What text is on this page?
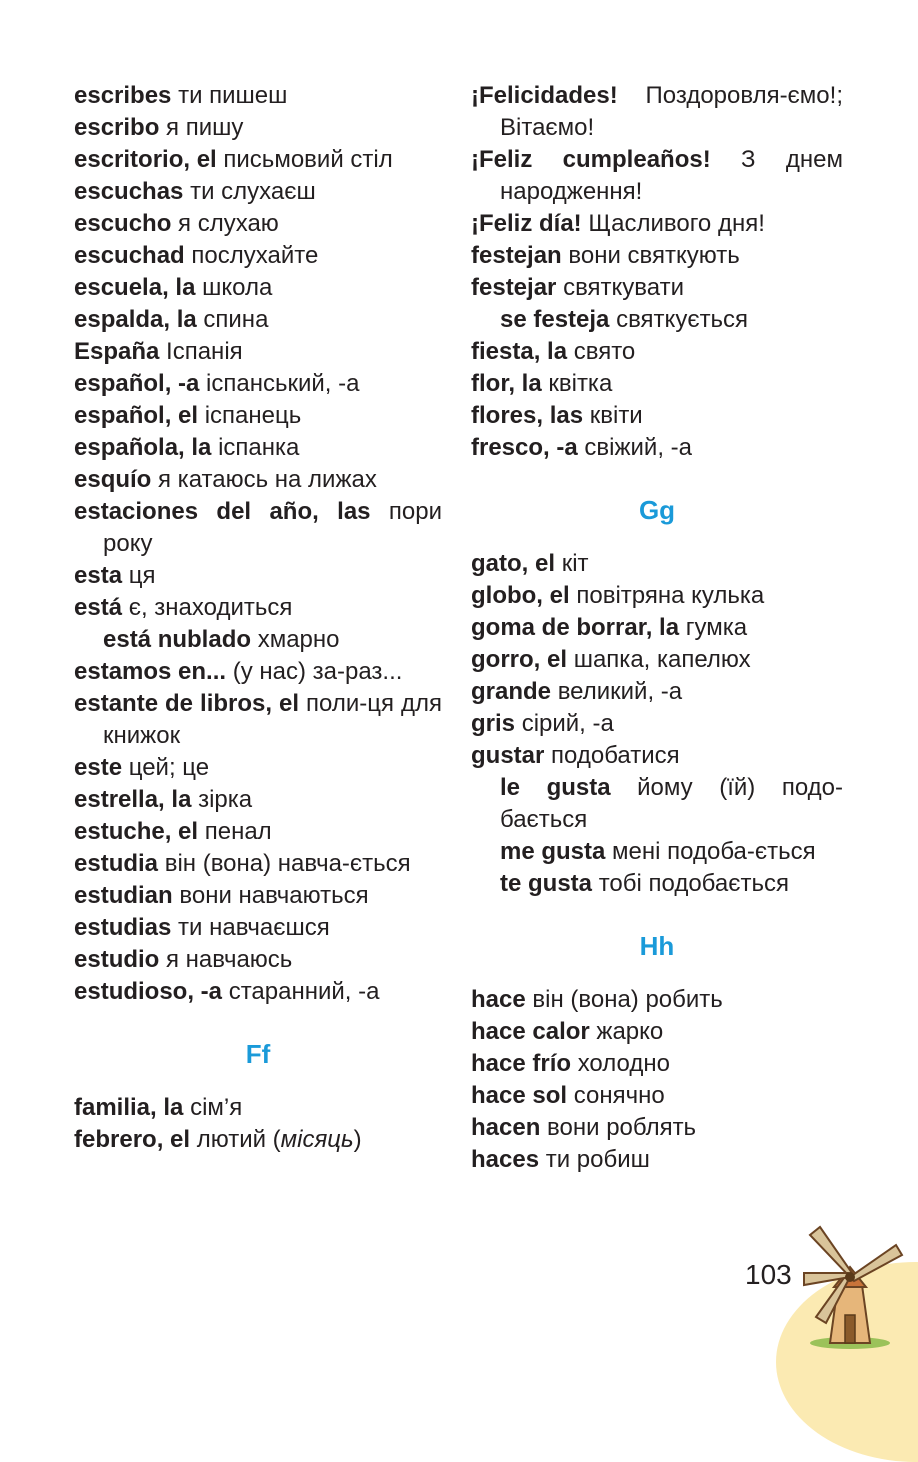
escribes ти пишеш
escribo я пишу
escritorio, el письмовий стіл
escuchas ти слухаєш
escucho я слухаю
escuchad послухайте
escuela, la школа
espalda, la спина
España Іспанія
español, -a іспанський, -а
español, el іспанець
española, la іспанка
esquío я катаюсь на лижах
estaciones del año, las пори року
esta ця
está є, знаходиться
está nublado хмарно
estamos en... (у нас) за-раз...
estante de libros, el поли-ця для книжок
este цей; це
estrella, la зірка
estuche, el пенал
estudia він (вона) навча-ється
estudian вони навчаються
estudias ти навчаєшся
estudio я навчаюсь
estudioso, -a старанний, -а
Ff
familia, la сім’я
febrero, el лютий (місяць)
¡Felicidades! Поздоровля-ємо!; Вітаємо!
¡Feliz cumpleaños! З днем народження!
¡Feliz día! Щасливого дня!
festejan вони святкують
festejar святкувати
se festeja святкується
fiesta, la свято
flor, la квітка
flores, las квіти
fresco, -a свіжий, -а
Gg
gato, el кіт
globo, el повітряна кулька
goma de borrar, la гумка
gorro, el шапка, капелюх
grande великий, -а
gris сірий, -а
gustar подобатися
le gusta йому (їй) подо-бається
me gusta мені подоба-ється
te gusta тобі подобається
Hh
hace він (вона) робить
hace calor жарко
hace frío холодно
hace sol сонячно
hacen вони роблять
haces ти робиш
103
